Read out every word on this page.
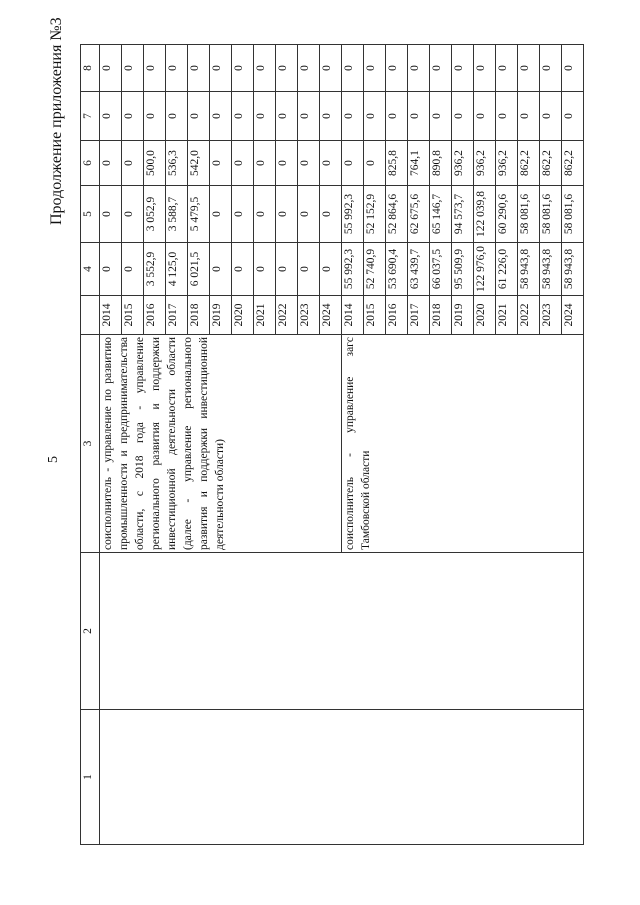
5
Продолжение приложения №3
1	2	3		4	5	6	7	8
		соисполнитель - управление по развитию промышленности и предпринимательства области, с 2018 года - управление регионального развития и поддержки инвестиционной деятельности области (далее - управление регионального развития и поддержки инвестиционной деятельности области)	2014	0	0	0	0	0
			2015	0	0	0	0	0
			2016	3 552,9	3 052,9	500,0	0	0
			2017	4 125,0	3 588,7	536,3	0	0
			2018	6 021,5	5 479,5	542,0	0	0
			2019	0	0	0	0	0
			2020	0	0	0	0	0
			2021	0	0	0	0	0
			2022	0	0	0	0	0
			2023	0	0	0	0	0
			2024	0	0	0	0	0
		соисполнитель - управление загс Тамбовской области	2014	55 992,3	55 992,3	0	0	0
			2015	52 740,9	52 152,9	0	0	0
			2016	53 690,4	52 864,6	825,8	0	0
			2017	63 439,7	62 675,6	764,1	0	0
			2018	66 037,5	65 146,7	890,8	0	0
			2019	95 509,9	94 573,7	936,2	0	0
			2020	122 976,0	122 039,8	936,2	0	0
			2021	61 226,0	60 290,6	936,2	0	0
			2022	58 943,8	58 081,6	862,2	0	0
			2023	58 943,8	58 081,6	862,2	0	0
			2024	58 943,8	58 081,6	862,2	0	0
